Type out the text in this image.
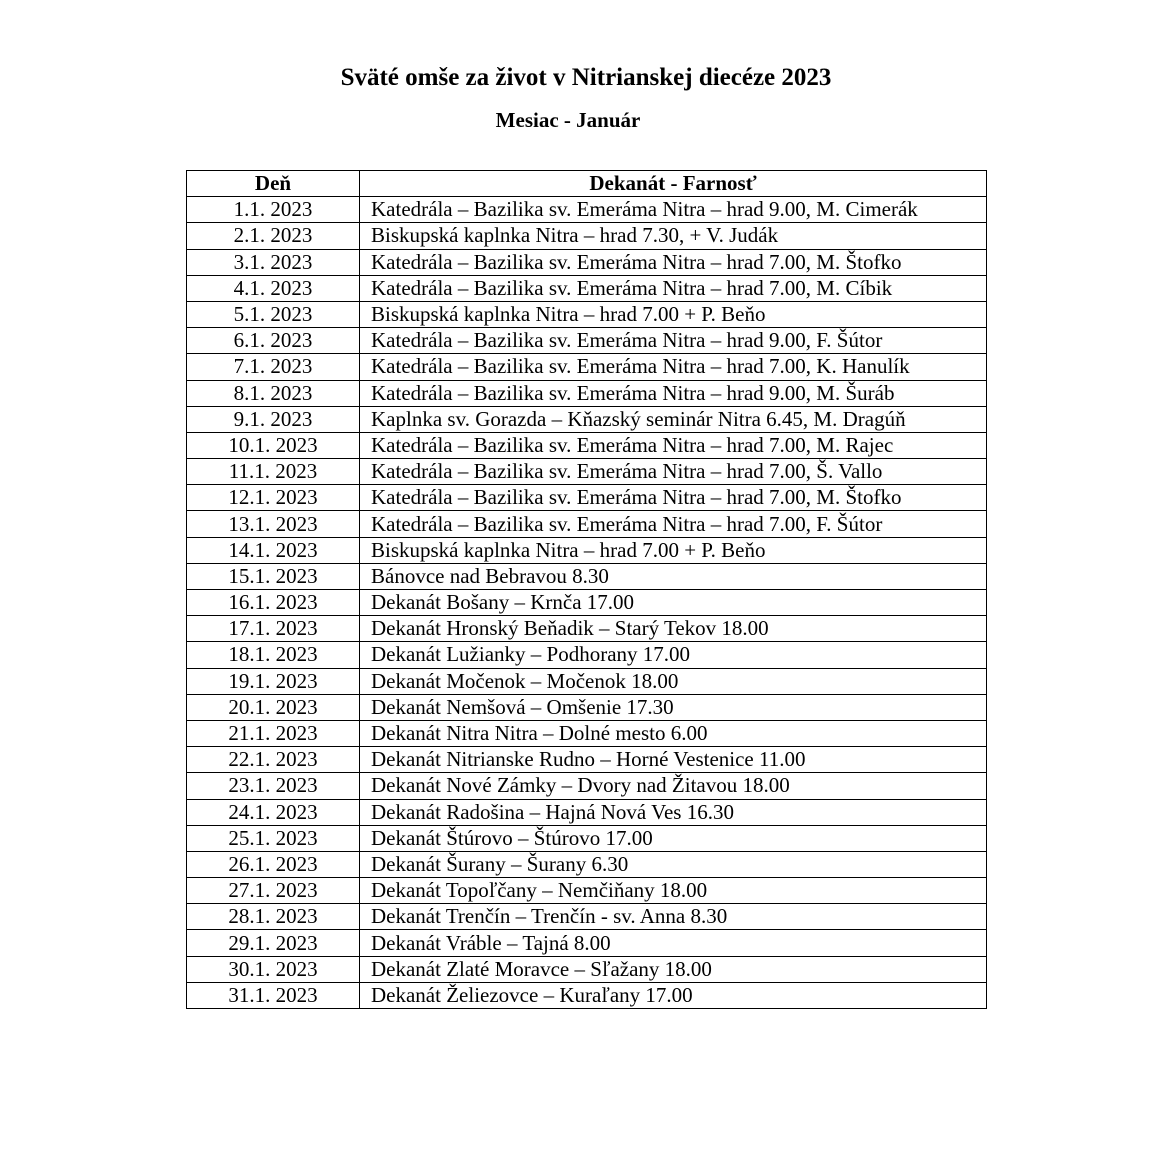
Sväté omše za život v Nitrianskej diecéze 2023
Mesiac - Január
Deň	Dekanát - Farnosť
1.1. 2023	Katedrála – Bazilika sv. Emeráma Nitra – hrad 9.00, M. Cimerák
2.1. 2023	Biskupská kaplnka Nitra – hrad 7.30, + V. Judák
3.1. 2023	Katedrála – Bazilika sv. Emeráma Nitra – hrad 7.00, M. Štofko
4.1. 2023	Katedrála – Bazilika sv. Emeráma Nitra – hrad 7.00, M. Cíbik
5.1. 2023	Biskupská kaplnka Nitra – hrad 7.00 + P. Beňo
6.1. 2023	Katedrála – Bazilika sv. Emeráma Nitra – hrad 9.00, F. Šútor
7.1. 2023	Katedrála – Bazilika sv. Emeráma Nitra – hrad 7.00, K. Hanulík
8.1. 2023	Katedrála – Bazilika sv. Emeráma Nitra – hrad 9.00, M. Šuráb
9.1. 2023	Kaplnka sv. Gorazda – Kňazský seminár Nitra 6.45, M. Dragúň
10.1. 2023	Katedrála – Bazilika sv. Emeráma Nitra – hrad 7.00, M. Rajec
11.1. 2023	Katedrála – Bazilika sv. Emeráma Nitra – hrad 7.00, Š. Vallo
12.1. 2023	Katedrála – Bazilika sv. Emeráma Nitra – hrad 7.00, M. Štofko
13.1. 2023	Katedrála – Bazilika sv. Emeráma Nitra – hrad 7.00, F. Šútor
14.1. 2023	Biskupská kaplnka Nitra – hrad 7.00 + P. Beňo
15.1. 2023	Bánovce nad Bebravou 8.30
16.1. 2023	Dekanát Bošany – Krnča 17.00
17.1. 2023	Dekanát Hronský Beňadik – Starý Tekov 18.00
18.1. 2023	Dekanát Lužianky – Podhorany 17.00
19.1. 2023	Dekanát Močenok – Močenok 18.00
20.1. 2023	Dekanát Nemšová – Omšenie 17.30
21.1. 2023	Dekanát Nitra Nitra – Dolné mesto 6.00
22.1. 2023	Dekanát Nitrianske Rudno – Horné Vestenice 11.00
23.1. 2023	Dekanát Nové Zámky – Dvory nad Žitavou 18.00
24.1. 2023	Dekanát Radošina – Hajná Nová Ves 16.30
25.1. 2023	Dekanát Štúrovo – Štúrovo 17.00
26.1. 2023	Dekanát Šurany – Šurany 6.30
27.1. 2023	Dekanát Topoľčany – Nemčiňany 18.00
28.1. 2023	Dekanát Trenčín – Trenčín - sv. Anna 8.30
29.1. 2023	Dekanát Vráble – Tajná 8.00
30.1. 2023	Dekanát Zlaté Moravce – Sľažany 18.00
31.1. 2023	Dekanát Želiezovce – Kuraľany 17.00
